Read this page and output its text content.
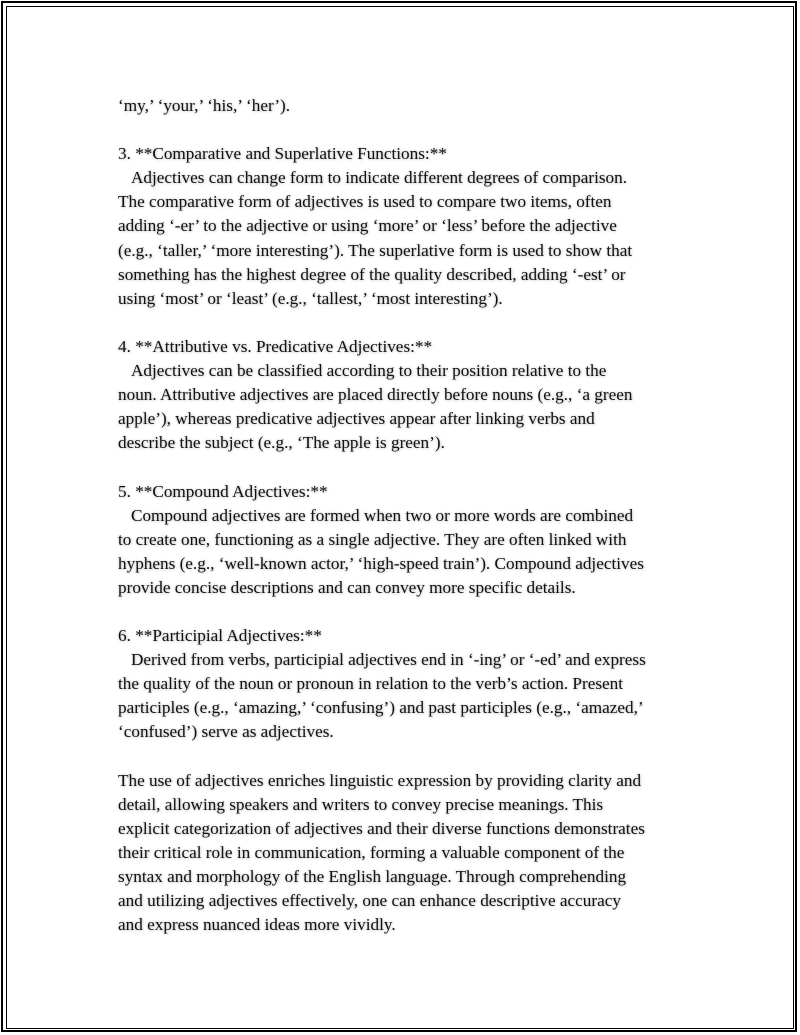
‘my,’ ‘your,’ ‘his,’ ‘her’).
3. **Comparative and Superlative Functions:**
Adjectives can change form to indicate different degrees of comparison.
The comparative form of adjectives is used to compare two items, often
adding ‘-er’ to the adjective or using ‘more’ or ‘less’ before the adjective
(e.g., ‘taller,’ ‘more interesting’). The superlative form is used to show that
something has the highest degree of the quality described, adding ‘-est’ or
using ‘most’ or ‘least’ (e.g., ‘tallest,’ ‘most interesting’).
4. **Attributive vs. Predicative Adjectives:**
Adjectives can be classified according to their position relative to the
noun. Attributive adjectives are placed directly before nouns (e.g., ‘a green
apple’), whereas predicative adjectives appear after linking verbs and
describe the subject (e.g., ‘The apple is green’).
5. **Compound Adjectives:**
Compound adjectives are formed when two or more words are combined
to create one, functioning as a single adjective. They are often linked with
hyphens (e.g., ‘well-known actor,’ ‘high-speed train’). Compound adjectives
provide concise descriptions and can convey more specific details.
6. **Participial Adjectives:**
Derived from verbs, participial adjectives end in ‘-ing’ or ‘-ed’ and express
the quality of the noun or pronoun in relation to the verb’s action. Present
participles (e.g., ‘amazing,’ ‘confusing’) and past participles (e.g., ‘amazed,’
‘confused’) serve as adjectives.
The use of adjectives enriches linguistic expression by providing clarity and
detail, allowing speakers and writers to convey precise meanings. This
explicit categorization of adjectives and their diverse functions demonstrates
their critical role in communication, forming a valuable component of the
syntax and morphology of the English language. Through comprehending
and utilizing adjectives effectively, one can enhance descriptive accuracy
and express nuanced ideas more vividly.
